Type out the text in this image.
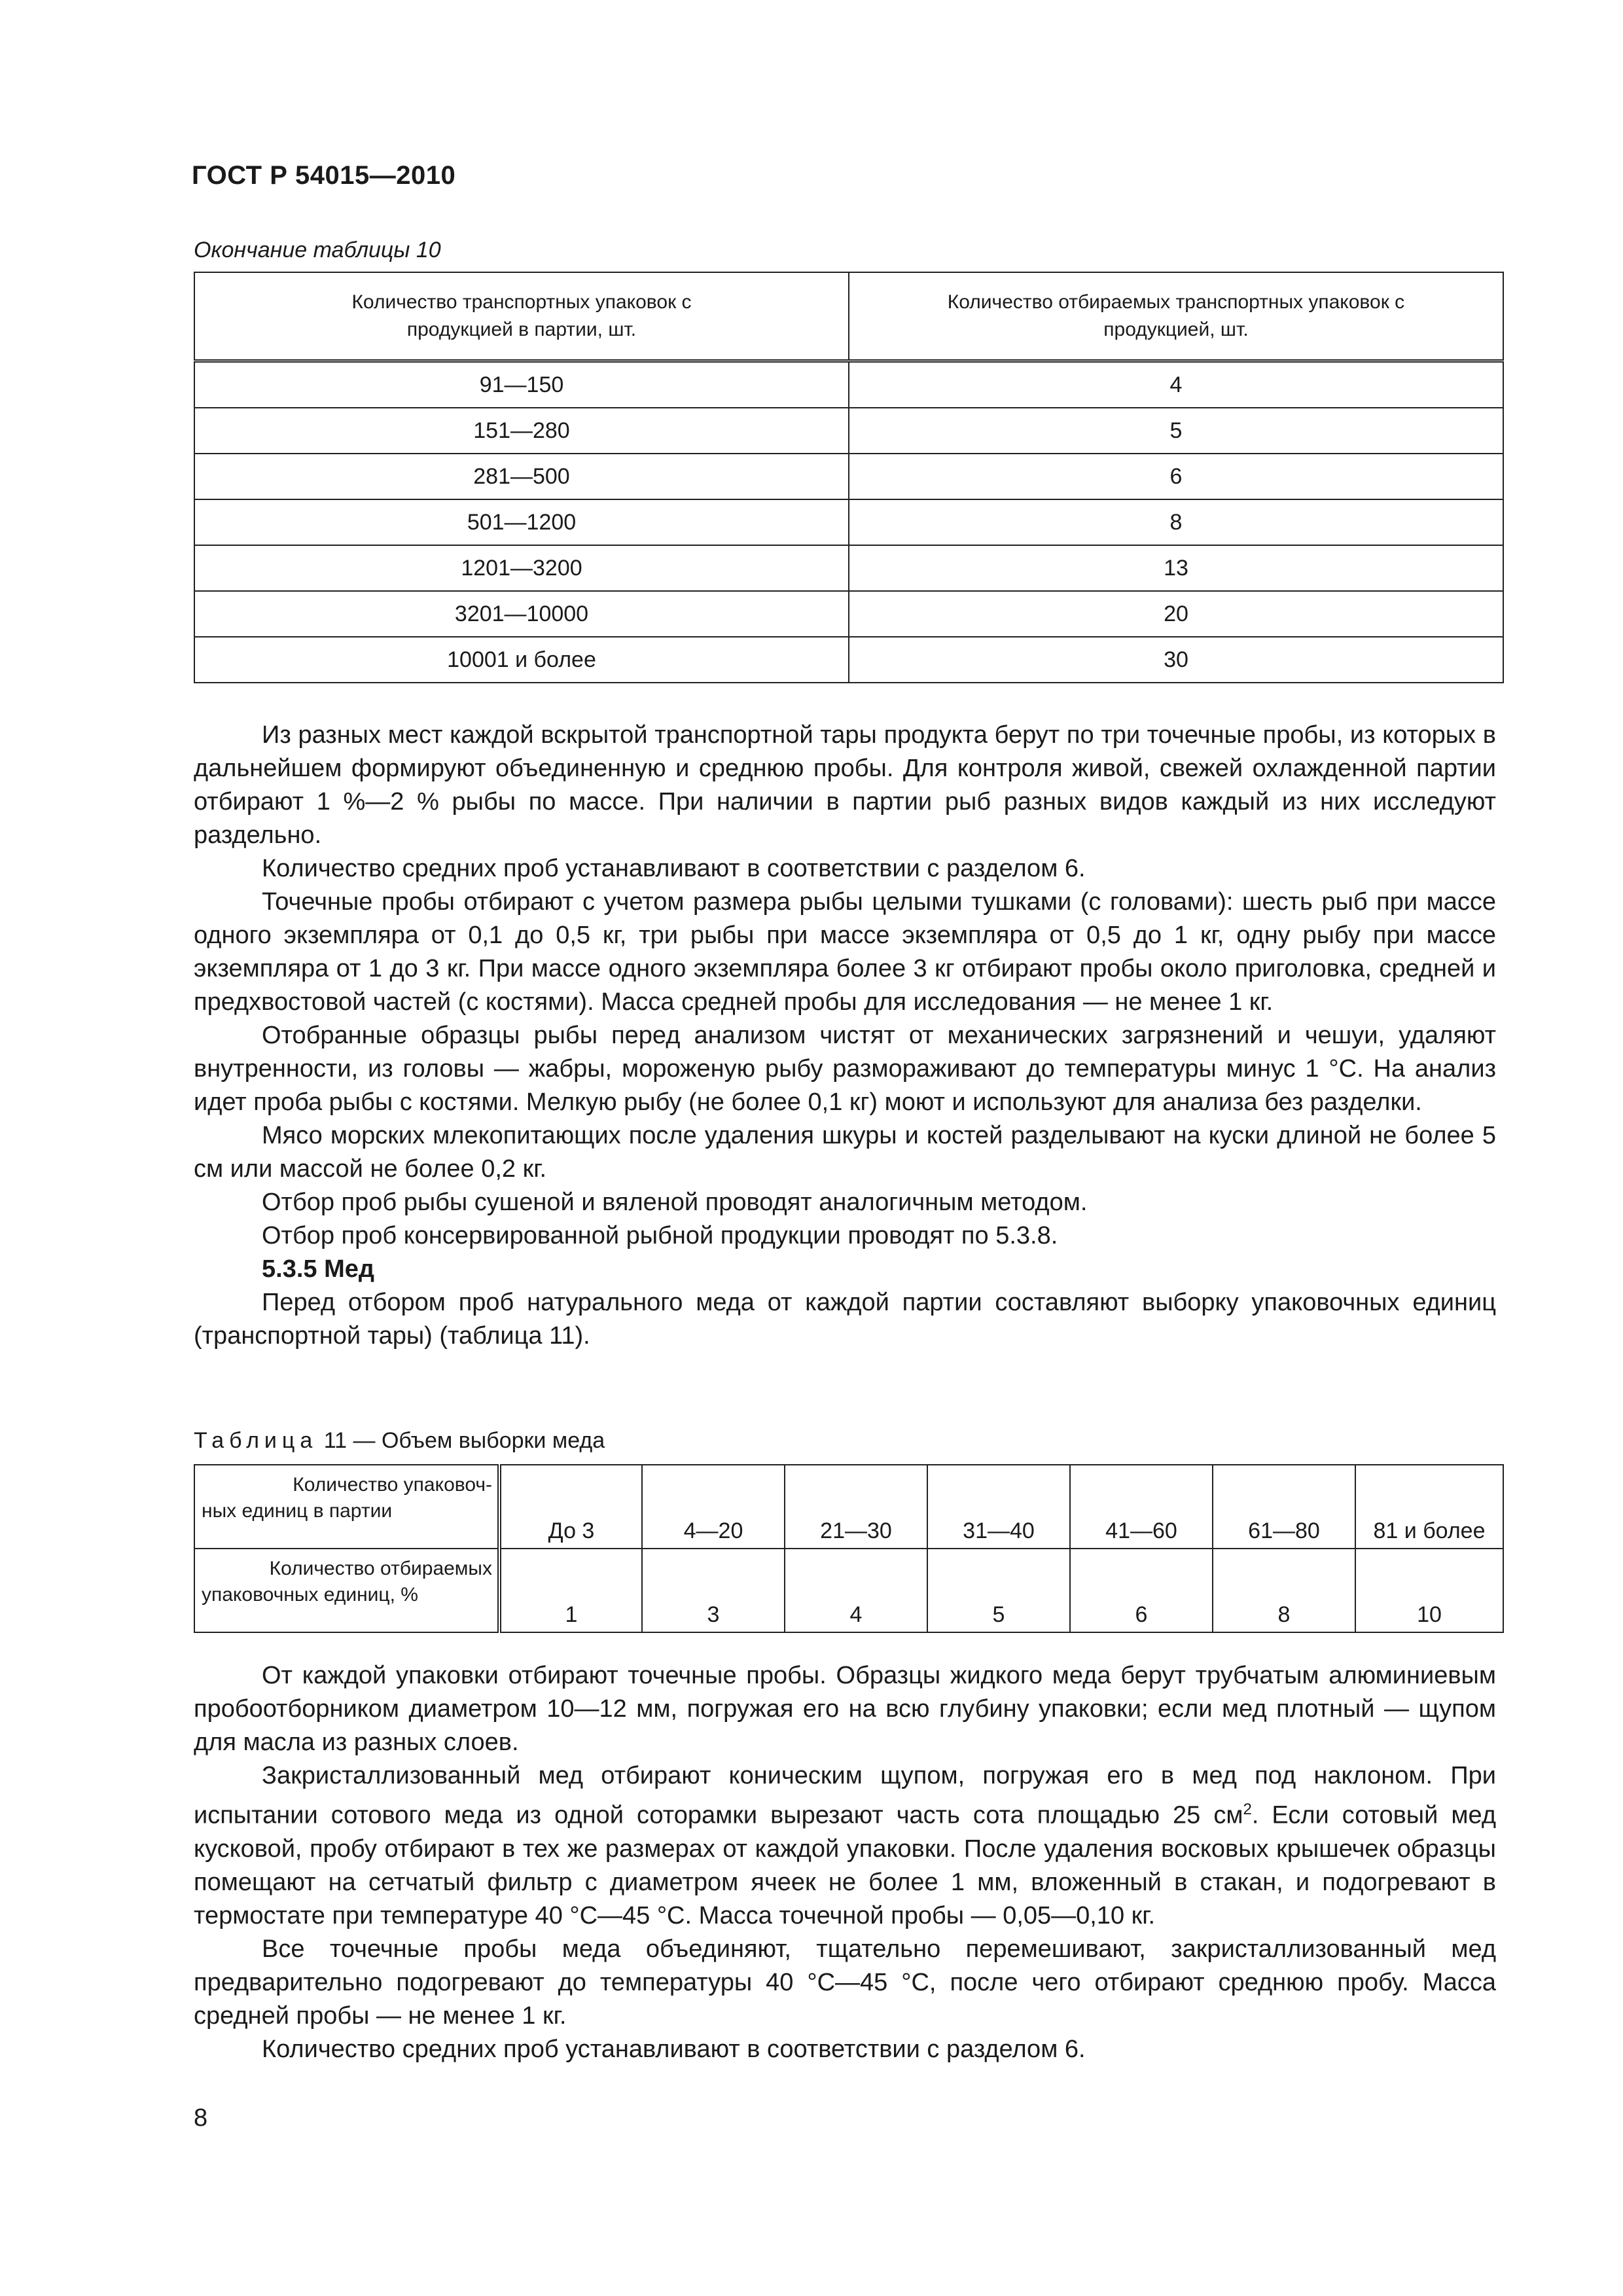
ГОСТ Р 54015—2010
Окончание таблицы 10
Количество транспортных упаковок с продукцией в партии, шт.	Количество отбираемых транспортных упаковок с продукцией, шт.
91—150	4
151—280	5
281—500	6
501—1200	8
1201—3200	13
3201—10000	20
10001 и более	30
Из разных мест каждой вскрытой транспортной тары продукта берут по три точечные пробы, из которых в дальнейшем формируют объединенную и среднюю пробы. Для контроля живой, свежей охлажденной партии отбирают 1 %—2 % рыбы по массе. При наличии в партии рыб разных видов каждый из них исследуют раздельно.
Количество средних проб устанавливают в соответствии с разделом 6.
Точечные пробы отбирают с учетом размера рыбы целыми тушками (с головами): шесть рыб при массе одного экземпляра от 0,1 до 0,5 кг, три рыбы при массе экземпляра от 0,5 до 1 кг, одну рыбу при массе экземпляра от 1 до 3 кг. При массе одного экземпляра более 3 кг отбирают пробы около приголовка, средней и предхвостовой частей (с костями). Масса средней пробы для исследования — не менее 1 кг.
Отобранные образцы рыбы перед анализом чистят от механических загрязнений и чешуи, удаляют внутренности, из головы — жабры, мороженую рыбу размораживают до температуры минус 1 °С. На анализ идет проба рыбы с костями. Мелкую рыбу (не более 0,1 кг) моют и используют для анализа без разделки.
Мясо морских млекопитающих после удаления шкуры и костей разделывают на куски длиной не более 5 см или массой не более 0,2 кг.
Отбор проб рыбы сушеной и вяленой проводят аналогичным методом.
Отбор проб консервированной рыбной продукции проводят по 5.3.8.
5.3.5 Мед
Перед отбором проб натурального меда от каждой партии составляют выборку упаковочных единиц (транспортной тары) (таблица 11).
Таблица 11 — Объем выборки меда
Количество упаковоч-
ных единиц в партии	До 3	4—20	21—30	31—40	41—60	61—80	81 и более
Количество отбираемых
упаковочных единиц, %	1	3	4	5	6	8	10
От каждой упаковки отбирают точечные пробы. Образцы жидкого меда берут трубчатым алюминиевым пробоотборником диаметром 10—12 мм, погружая его на всю глубину упаковки; если мед плотный — щупом для масла из разных слоев.
Закристаллизованный мед отбирают коническим щупом, погружая его в мед под наклоном. При испытании сотового меда из одной соторамки вырезают часть сота площадью 25 $см^2$. Если сотовый мед кусковой, пробу отбирают в тех же размерах от каждой упаковки. После удаления восковых крышечек образцы помещают на сетчатый фильтр с диаметром ячеек не более 1 мм, вложенный в стакан, и подогревают в термостате при температуре 40 °С—45 °С. Масса точечной пробы — 0,05—0,10 кг.
Все точечные пробы меда объединяют, тщательно перемешивают, закристаллизованный мед предварительно подогревают до температуры 40 °С—45 °С, после чего отбирают среднюю пробу. Масса средней пробы — не менее 1 кг.
Количество средних проб устанавливают в соответствии с разделом 6.
8
